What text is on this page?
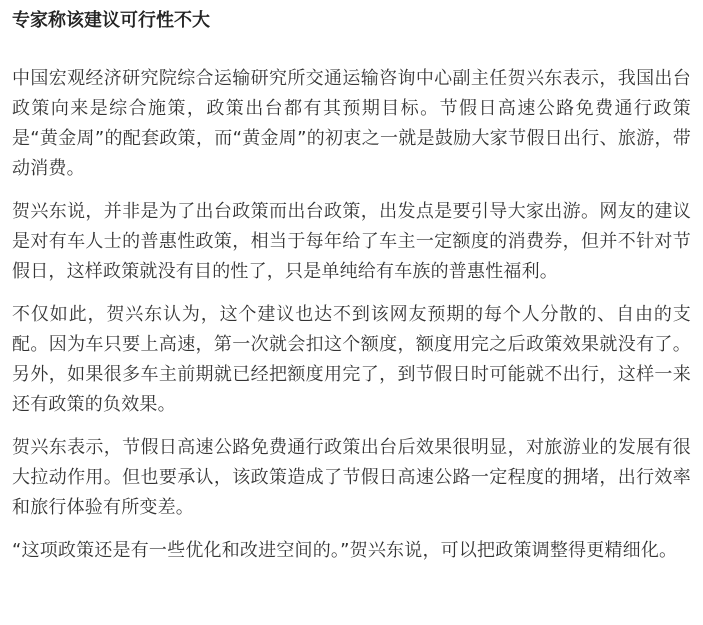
专家称该建议可行性不大

中国宏观经济研究院综合运输研究所交通运输咨询中心副主任贺兴东表示，我国出台政策向来是综合施策，政策出台都有其预期目标。节假日高速公路免费通行政策是“黄金周”的配套政策，而“黄金周”的初衷之一就是鼓励大家节假日出行、旅游，带动消费。

贺兴东说，并非是为了出台政策而出台政策，出发点是要引导大家出游。网友的建议是对有车人士的普惠性政策，相当于每年给了车主一定额度的消费券，但并不针对节假日，这样政策就没有目的性了，只是单纯给有车族的普惠性福利。

不仅如此，贺兴东认为，这个建议也达不到该网友预期的每个人分散的、自由的支配。因为车只要上高速，第一次就会扣这个额度，额度用完之后政策效果就没有了。另外，如果很多车主前期就已经把额度用完了，到节假日时可能就不出行，这样一来还有政策的负效果。

贺兴东表示，节假日高速公路免费通行政策出台后效果很明显，对旅游业的发展有很大拉动作用。但也要承认，该政策造成了节假日高速公路一定程度的拥堵，出行效率和旅行体验有所变差。

“这项政策还是有一些优化和改进空间的。”贺兴东说，可以把政策调整得更精细化。
